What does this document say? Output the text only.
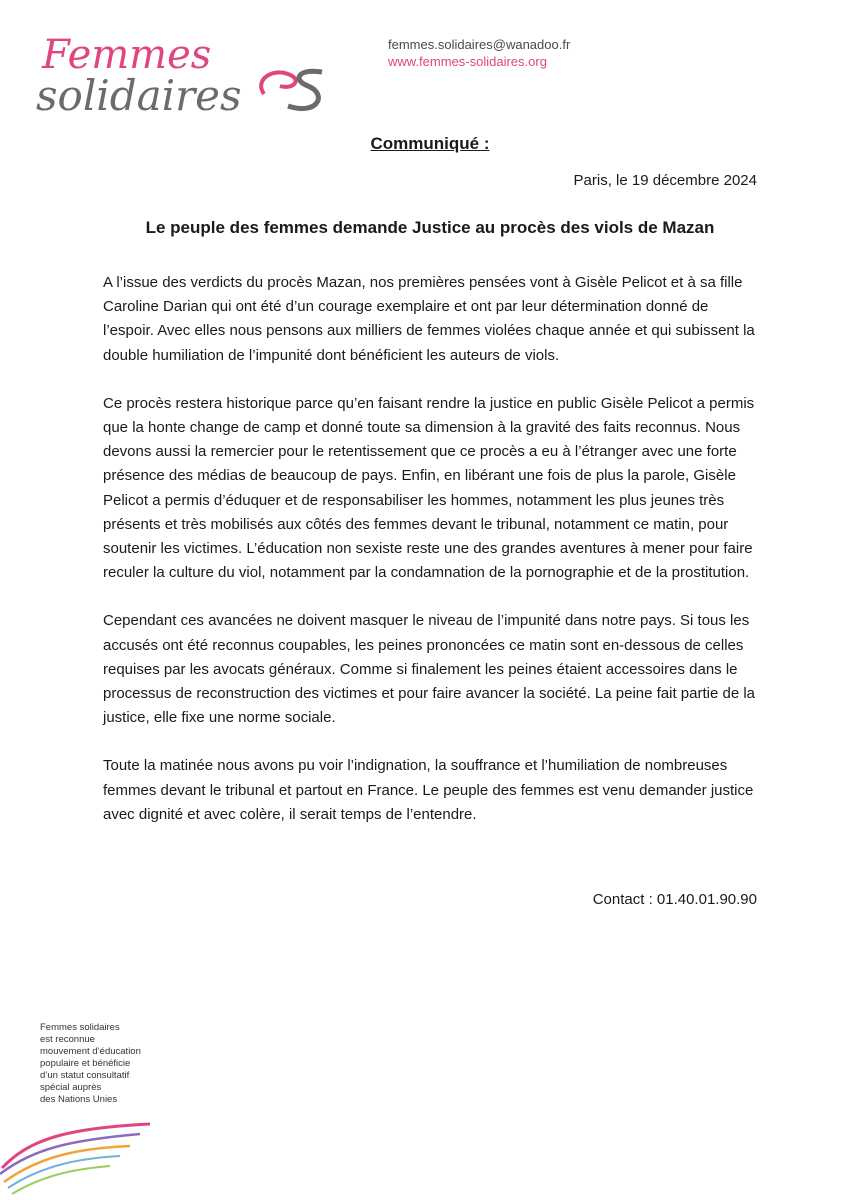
Femmes
solidaires
femmes.solidaires@wanadoo.fr
www.femmes-solidaires.org
Communiqué :
Paris, le 19 décembre 2024
Le peuple des femmes demande Justice au procès des viols de Mazan

A l’issue des verdicts du procès Mazan, nos premières pensées vont à Gisèle Pelicot et à sa fille Caroline Darian qui ont été d’un courage exemplaire et ont par leur détermination donné de l’espoir. Avec elles nous pensons aux milliers de femmes violées chaque année et qui subissent la double humiliation de l’impunité dont bénéficient les auteurs de viols.

Ce procès restera historique parce qu’en faisant rendre la justice en public Gisèle Pelicot a permis que la honte change de camp et donné toute sa dimension à la gravité des faits reconnus. Nous devons aussi la remercier pour le retentissement que ce procès a eu à l’étranger avec une forte présence des médias de beaucoup de pays. Enfin, en libérant une fois de plus la parole, Gisèle Pelicot a permis d’éduquer et de responsabiliser les hommes, notamment les plus jeunes très présents et très mobilisés aux côtés des femmes devant le tribunal, notamment ce matin, pour soutenir les victimes. L’éducation non sexiste reste une des grandes aventures à mener pour faire reculer la culture du viol, notamment par la condamnation de la pornographie et de la prostitution.

Cependant ces avancées ne doivent masquer le niveau de l’impunité dans notre pays. Si tous les accusés ont été reconnus coupables, les peines prononcées ce matin sont en-dessous de celles requises par les avocats généraux. Comme si finalement les peines étaient accessoires dans le processus de reconstruction des victimes et pour faire avancer la société. La peine fait partie de la justice, elle fixe une norme sociale.

Toute la matinée nous avons pu voir l’indignation, la souffrance et l’humiliation de nombreuses femmes devant le tribunal et partout en France. Le peuple des femmes est venu demander justice avec dignité et avec colère, il serait temps de l’entendre.

Contact : 01.40.01.90.90
Femmes solidaires
est reconnue
mouvement d’éducation
populaire et bénéficie
d’un statut consultatif
spécial auprès
des Nations Unies
